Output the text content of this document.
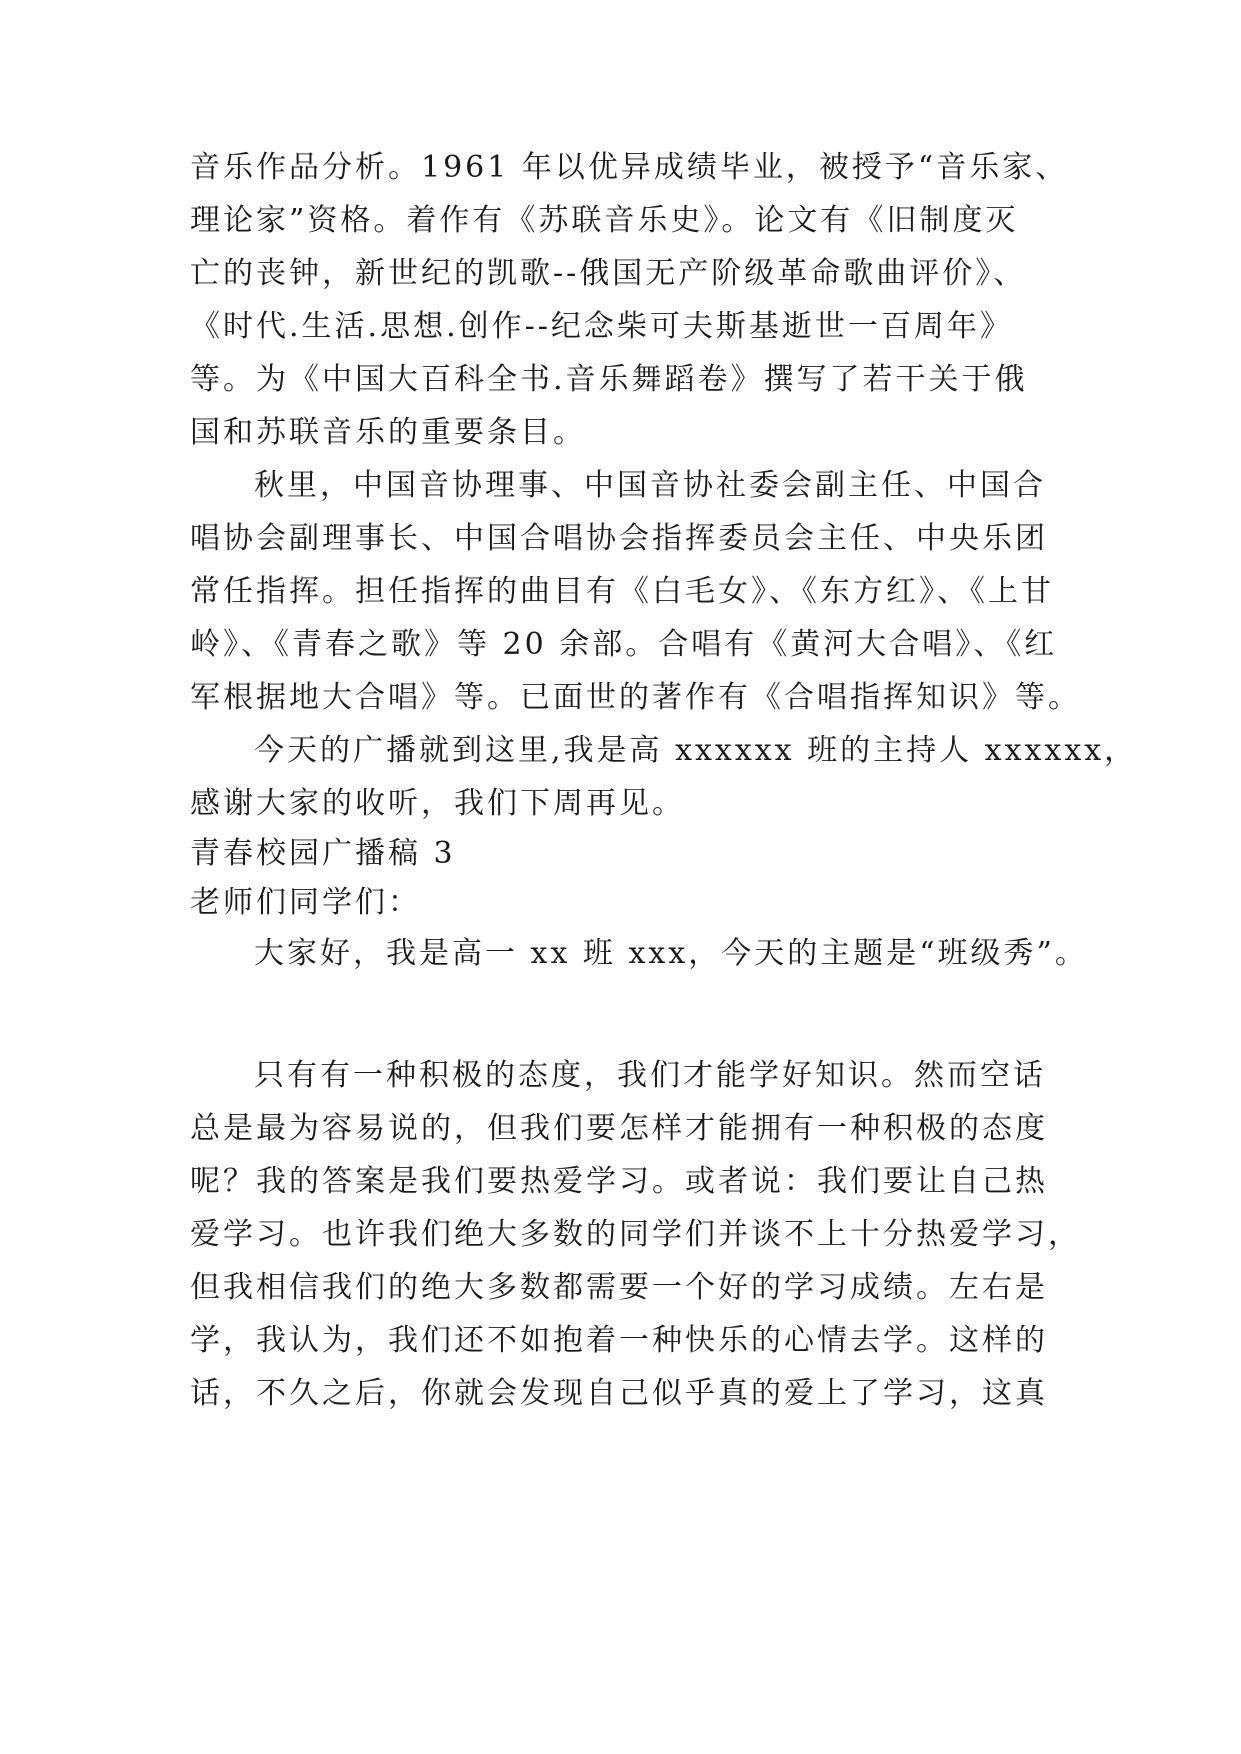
音乐作品分析。1961 年以优异成绩毕业，被授予“音乐家、
理论家”资格。着作有《苏联音乐史》。论文有《旧制度灭
亡的丧钟，新世纪的凯歌--俄国无产阶级革命歌曲评价》、
《时代.生活.思想.创作--纪念柴可夫斯基逝世一百周年》
等。为《中国大百科全书.音乐舞蹈卷》撰写了若干关于俄
国和苏联音乐的重要条目。
秋里，中国音协理事、中国音协社委会副主任、中国合
唱协会副理事长、中国合唱协会指挥委员会主任、中央乐团
常任指挥。担任指挥的曲目有《白毛女》、《东方红》、《上甘
岭》、《青春之歌》等 20 余部。合唱有《黄河大合唱》、《红
军根据地大合唱》等。已面世的著作有《合唱指挥知识》等。
今天的广播就到这里,我是高 xxxxxx 班的主持人 xxxxxx，
感谢大家的收听，我们下周再见。
青春校园广播稿 3
老师们同学们：
大家好，我是高一 xx 班 xxx，今天的主题是“班级秀”。
只有有一种积极的态度，我们才能学好知识。然而空话
总是最为容易说的，但我们要怎样才能拥有一种积极的态度
呢？我的答案是我们要热爱学习。或者说：我们要让自己热
爱学习。也许我们绝大多数的同学们并谈不上十分热爱学习，
但我相信我们的绝大多数都需要一个好的学习成绩。左右是
学，我认为，我们还不如抱着一种快乐的心情去学。这样的
话，不久之后，你就会发现自己似乎真的爱上了学习，这真
